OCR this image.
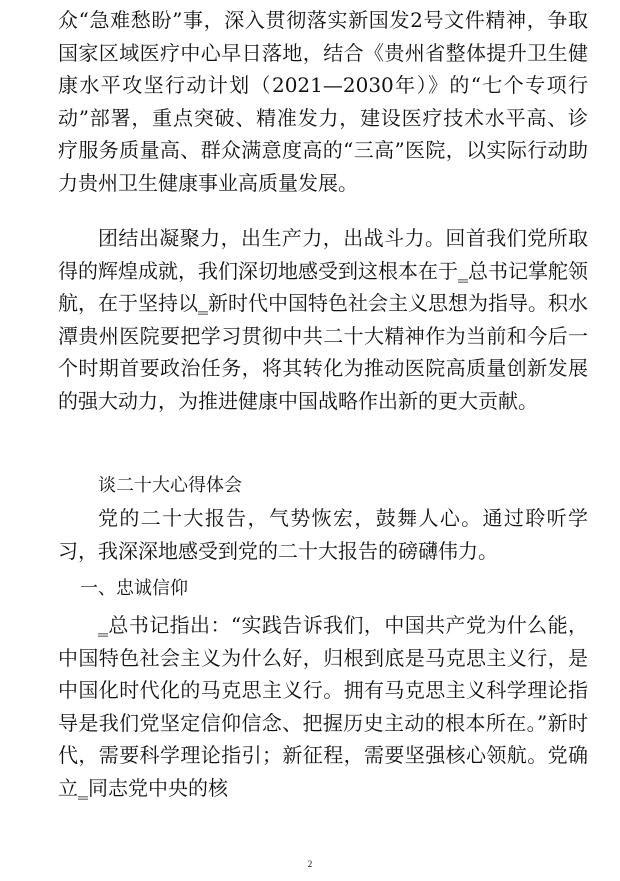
众“急难愁盼”事，深入贯彻落实新国发2号文件精神，争取国家区域医疗中心早日落地，结合《贵州省整体提升卫生健康水平攻坚行动计划（2021—2030年）》的“七个专项行动”部署，重点突破、精准发力，建设医疗技术水平高、诊疗服务质量高、群众满意度高的“三高”医院，以实际行动助力贵州卫生健康事业高质量发展。

团结出凝聚力，出生产力，出战斗力。回首我们党所取得的辉煌成就，我们深切地感受到这根本在于‗总书记掌舵领航，在于坚持以‗新时代中国特色社会主义思想为指导。积水潭贵州医院要把学习贯彻中共二十大精神作为当前和今后一个时期首要政治任务，将其转化为推动医院高质量创新发展的强大动力，为推进健康中国战略作出新的更大贡献。

谈二十大心得体会

党的二十大报告，气势恢宏，鼓舞人心。通过聆听学习，我深深地感受到党的二十大报告的磅礴伟力。

一、忠诚信仰

‗总书记指出：“实践告诉我们，中国共产党为什么能，中国特色社会主义为什么好，归根到底是马克思主义行，是中国化时代化的马克思主义行。拥有马克思主义科学理论指导是我们党坚定信仰信念、把握历史主动的根本所在。”新时代，需要科学理论指引；新征程，需要坚强核心领航。党确立‗同志党中央的核

2
